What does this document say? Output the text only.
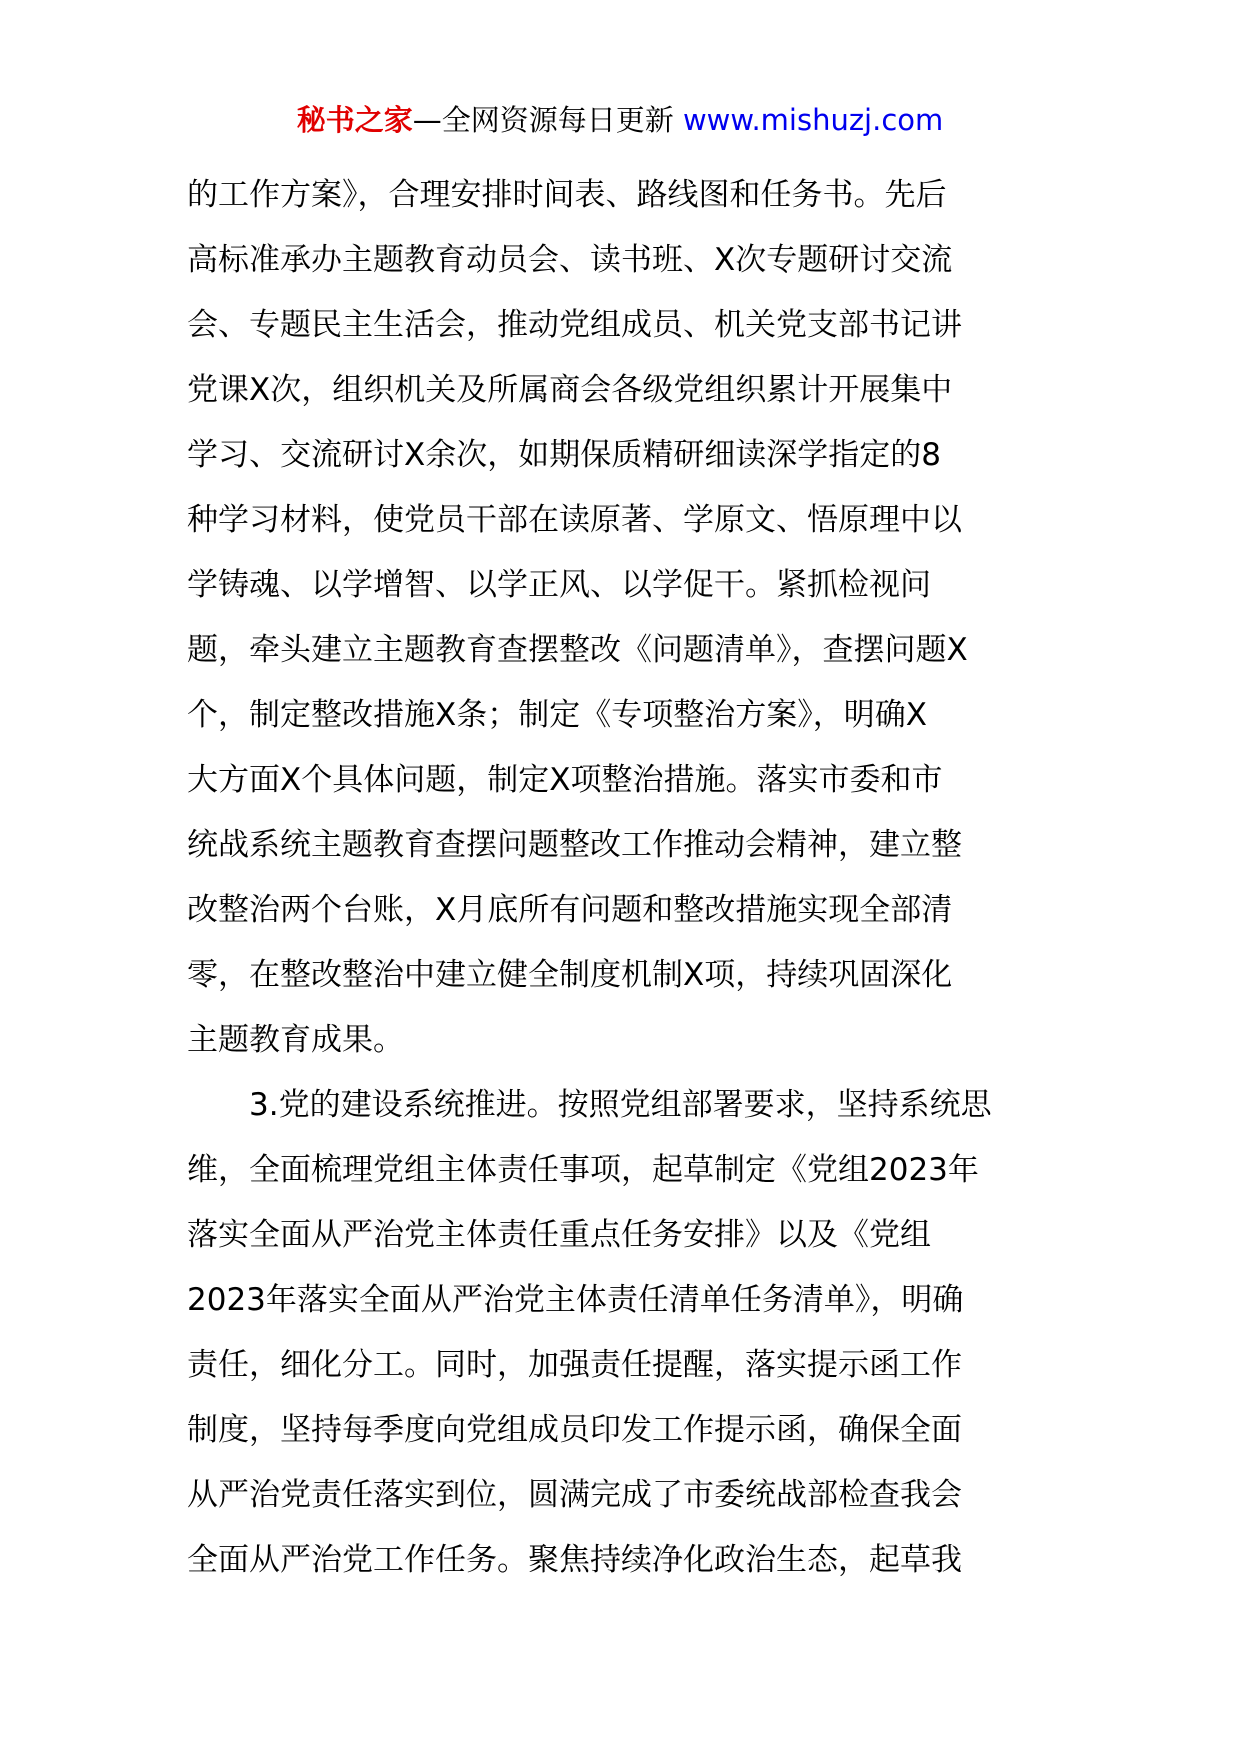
秘书之家—全网资源每日更新 www.mishuzj.com
的工作方案》，合理安排时间表、路线图和任务书。先后
高标准承办主题教育动员会、读书班、X次专题研讨交流
会、专题民主生活会，推动党组成员、机关党支部书记讲
党课X次，组织机关及所属商会各级党组织累计开展集中
学习、交流研讨X余次，如期保质精研细读深学指定的8
种学习材料，使党员干部在读原著、学原文、悟原理中以
学铸魂、以学增智、以学正风、以学促干。紧抓检视问
题，牵头建立主题教育查摆整改《问题清单》，查摆问题X
个，制定整改措施X条；制定《专项整治方案》，明确X
大方面X个具体问题，制定X项整治措施。落实市委和市
统战系统主题教育查摆问题整改工作推动会精神，建立整
改整治两个台账，X月底所有问题和整改措施实现全部清
零，在整改整治中建立健全制度机制X项，持续巩固深化
主题教育成果。
3.党的建设系统推进。按照党组部署要求，坚持系统思
维，全面梳理党组主体责任事项，起草制定《党组2023年
落实全面从严治党主体责任重点任务安排》以及《党组
2023年落实全面从严治党主体责任清单任务清单》，明确
责任，细化分工。同时，加强责任提醒，落实提示函工作
制度，坚持每季度向党组成员印发工作提示函，确保全面
从严治党责任落实到位，圆满完成了市委统战部检查我会
全面从严治党工作任务。聚焦持续净化政治生态，起草我
